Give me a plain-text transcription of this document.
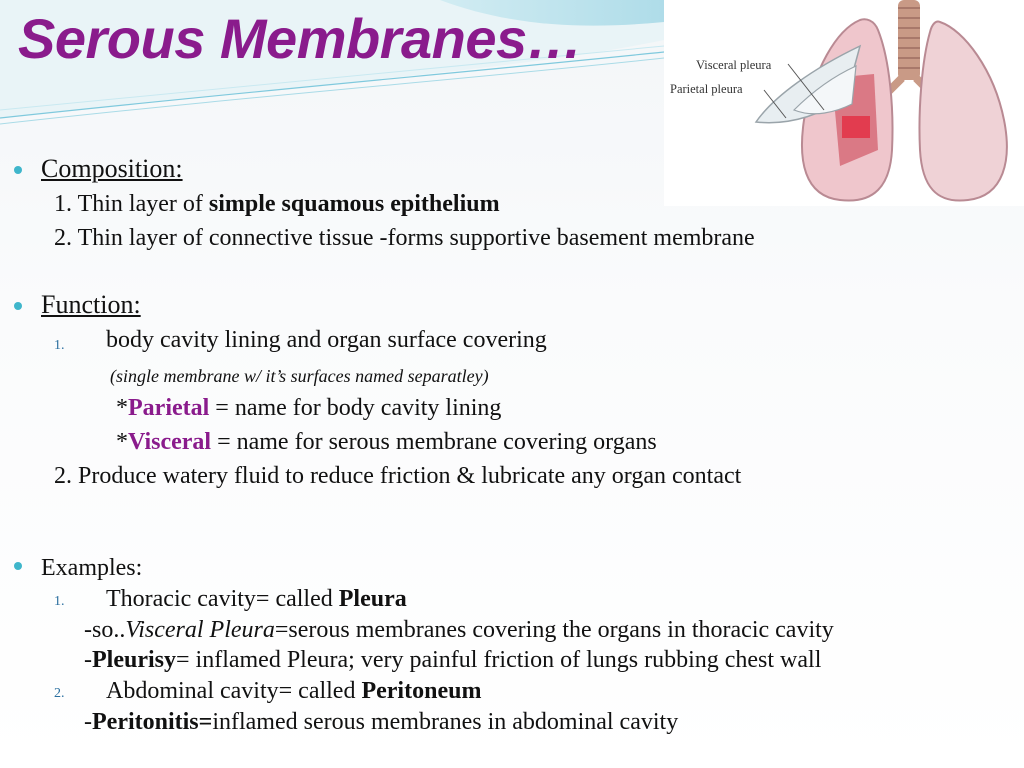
Serous Membranes…	Visceral pleura
Parietal pleura
Composition:
1. Thin layer of simple squamous epithelium
2. Thin layer of connective tissue -forms supportive basement membrane
Function:
1. body cavity lining and organ surface covering
(single membrane w/ it’s surfaces named separatley)
*Parietal = name for body cavity lining
*Visceral = name for serous membrane covering organs
2. Produce watery fluid to reduce friction & lubricate any organ contact
Examples:
1. Thoracic cavity= called Pleura
-so..Visceral Pleura=serous membranes covering the organs in thoracic cavity
-Pleurisy= inflamed Pleura; very painful friction of lungs rubbing chest wall
2. Abdominal cavity= called Peritoneum
-Peritonitis=inflamed serous membranes in abdominal cavity
